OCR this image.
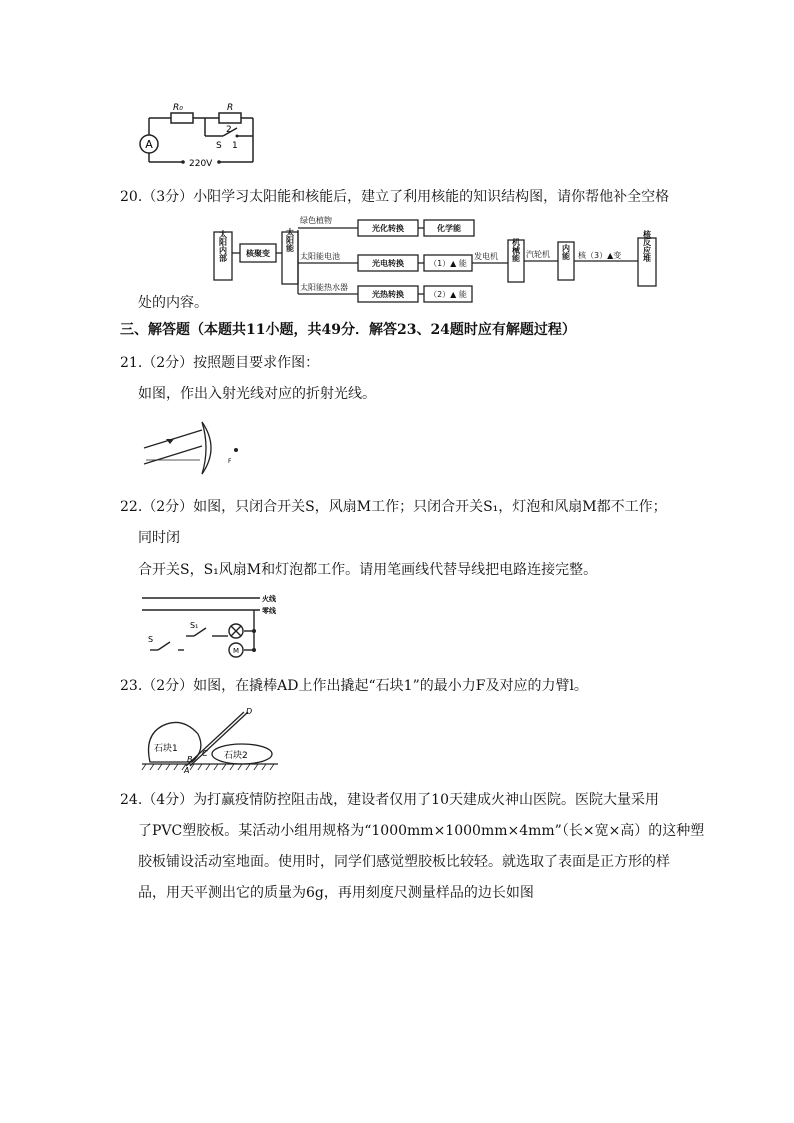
A
R₀	R
2
S 1
220V
20.（3分）小阳学习太阳能和核能后，建立了利用核能的知识结构图，请你帮他补全空格
太阳内部 核聚变
太阳能
绿色植物
光化转换	化学能
太阳能电池
光电转换	（1）▲ 能
发电机 机械能 汽轮机 内能 核（3）▲变	核反应堆
太阳能热水器
光热转换	（2）▲ 能
处的内容。
三、解答题（本题共11小题，共49分．解答23、24题时应有解题过程）
21.（2分）按照题目要求作图：
如图，作出入射光线对应的折射光线。
F
22.（2分）如图，只闭合开关S，风扇M工作；只闭合开关S₁，灯泡和风扇M都不工作；
同时闭
合开关S，S₁风扇M和灯泡都工作。请用笔画线代替导线把电路连接完整。
火线
零线
S
S₁
M
23.（2分）如图，在撬棒AD上作出撬起“石块1”的最小力F及对应的力臂l。
石块1
石块2
A
B
C
D
24.（4分）为打赢疫情防控阻击战，建设者仅用了10天建成火神山医院。医院大量采用
了PVC塑胶板。某活动小组用规格为“1000mm×1000mm×4mm”（长×宽×高）的这种塑
胶板铺设活动室地面。使用时，同学们感觉塑胶板比较轻。就选取了表面是正方形的样
品，用天平测出它的质量为6g，再用刻度尺测量样品的边长如图
